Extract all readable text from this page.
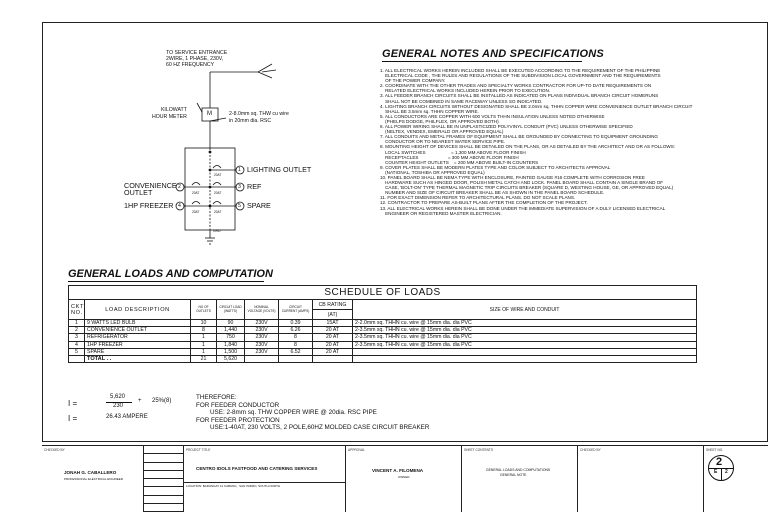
TO SERVICE ENTRANCE
2WIRE, 1 PHASE, 230V,
60 HZ FREQUENCY
KILOWATT
HOUR METER	M	2-8.0mm sq. THW cu wire
in 20mm dia. RSC
1 LIGHTING OUTLET
2
CONVENIENCE
OUTLET
3 REF
4
1HP FREEZER	5 SPARE
20AT	20AT
20AT	20AT
20AT
GRD
GENERAL NOTES AND SPECIFICATIONS
1. ALL ELECTRICAL WORKS HEREIN INCLUDED SHALL BE EXECUTED ACCORDING TO THE REQUIREMENT OF THE PHILIPPINE
ELECTRICAL CODE , THE RULES AND REGULATIONS OF THE SUBDIVISION LOCAL GOVERNMENT AND THE REQUIREMENTS
OF THE POWER COMPANY.
2. COORDINATE WITH THE OTHER TRADES AND SPECIALTY WORKS CONTRACTOR FOR UP-TO DATE REQUIREMENTS ON
RELATED ELECTRICAL WORKS INCLUDED HEREIN PRIOR TO EXECUTION.
3. ALL FEEDER BRANCH CIRCUITS SHALL BE INSTALLED AS INDICATED ON PLANS INDIVIDUAL BRANCH CIRCUIT HOMERUNS
SHALL NOT BE COMBINED IN SAME RACEWAY UNLESS SO INDICATED.
4. LIGHTING BRANCH CIRCUITS WITHOUT DESIGNATED SHALL BE 2.0mm sq. THHN COPPER WIRE CONVENIENCE OUTLET BRANCH CIRCUIT
SHALL BE 3.5mm sq. THHN COPPER WIRE.
5. ALL CONDUCTORS ARE COPPER WITH 600 VOLTS THHN INSULATION UNLESS NOTED OTHERWISE
(PHELPS DODGE, PHILFLEX, OR APPROVED BOTH)
6. ALL POWER WIRING SHALL BE IN UNPLASTICIZED POLYVINYL CONDUIT (PVC) UNLESS OTHERWISE SPECIFIED
(NELTEX, VENDEX, EMERALD OR APPROVED EQUAL)
7. ALL CONDUITS AND METAL FRAMES OF EQUIPMENT SHALL BE GROUNDED BY CONNECTING TO EQUIPMENT GROUNDING
CONDUCTOR OR TO NEAREST WATER SERVICE PIPE.
8. MOUNTING HEIGHT OF DEVICES SHALL BE DETAILED ON THE PLANS, OR AS DETAILED BY THE ARCHITECT AND OR AS FOLLOWS:
LOCAL SWITCHES                    = 1,300 MM ABOVE FLOOR FINISH
RECEPTACLES                       = 300 MM ABOVE FLOOR FINISH
COUNTER HEIGHT OUTLETS    = 200 MM ABOVE BUILT-IN COUNTERS
9. COVER PLATES SHALL BE MODERN PLATES TYPE AND COLOR SUBJECT TO ARCHITECTS APPROVAL
(NATIONAL, TOSHIBA OR APPROVED EQUAL)
10. PANEL BOARD SHALL BE NEMA TYPE WITH ENCLOSURE, PAINTED GAUGE #16 COMPLETE WITH CORROSION FREE
HARDWARE SUCH AS HINGED DOOR, POLISH METAL CATCH AND LOCK. PANEL BOARD SHALL CONTAIN A SINGLE BRAND OF
CASE, 'BOLT-ON' TYPE THERMAL MAGNETIC TRIP CIRCUITS BREAKER (SQUARE D, WESTING HOUSE, GE, OR APPROVED EQUAL)
NUMBER AND SIZE OF CIRCUIT BREAKER SHALL BE AS SHOWN IN THE PANEL BOARD SCHEDULE.
11. FOR EXACT DIMENSION REFER TO ARCHITECTURAL PLANS. DO NOT SCALE PLANS.
12. CONTRACTOR TO PREPARE AS-BUILT PLANS AFTER THE COMPLETION OF THE PROJECT.
13. ALL ELECTRICAL WORKS HEREIN SHALL BE DONE UNDER THE IMMEDIATE SUPERVISION OF A DULY LICENSED ELECTRICAL
ENGINEER OR REGISTERED MASTER ELECTRICIAN.
GENERAL LOADS AND COMPUTATION
SCHEDULE OF LOADS							
CKT
NO.	LOAD DESCRIPTION	NO OF OUTLETS	CIRCUIT LOAD (WATTS)	NOMINAL VOLTAGE (VOLTS)	CIRCUIT CURRENT (AMPS)	CB RATING	SIZE OF WIRE AND CONDUIT
						(AT)	
1	9 WATTS LED BULB	10	90	230V	0.39	15AT	2-2.0mm sq. THHN cu. wire @ 15mm dia. dia PVC
2	CONVENIENCE OUTLET	8	1,440	230V	6.26	20 AT	2-3.5mm sq. THHN cu. wire @ 15mm dia. dia PVC
3	REFRIGERATOR	1	750	230V	8	20 AT	2-3.5mm sq. THHN cu. wire @ 15mm dia. dia PVC
4	1HP FREEZER	1	1,840	230V	8	20 AT	2-3.5mm sq. THHN cu. wire @ 15mm dia. dia PVC
5	SPARE	1	1,500	230V	6.52	20 AT	
	TOTAL . .	21	5,620				
I =
5,620
230
+ 25%(8)
I =	26.43 AMPERE
THEREFORE:
FOR FEEDER CONDUCTOR
USE: 2-8mm sq. THW COPPER WIRE @ 20dia. RSC PIPE
FOR FEEDER PROTECTION
USE:1-40AT, 230 VOLTS, 2 POLE,60HZ MOLDED CASE CIRCUIT BREAKER
CHECKED BY
JONAH G. CABALLERO
PROFESSIONAL ELECTRICAL ENGINEER
PROJECT TITLE
CENTRO IDOLS FASTFOOD AND CATERING SERVICES
LOCATION: BARANGAY 11 CABANG , SAN ISIDRO, SOUTH NORTH
APPROVAL
VINCENT A. FILOMENA
OWNER
SHEET CONTENTS
GENERAL LOADS AND COMPUTATIONS
GENERAL NOTE
CHECKED BY	SHEET NO.
2
E 2
